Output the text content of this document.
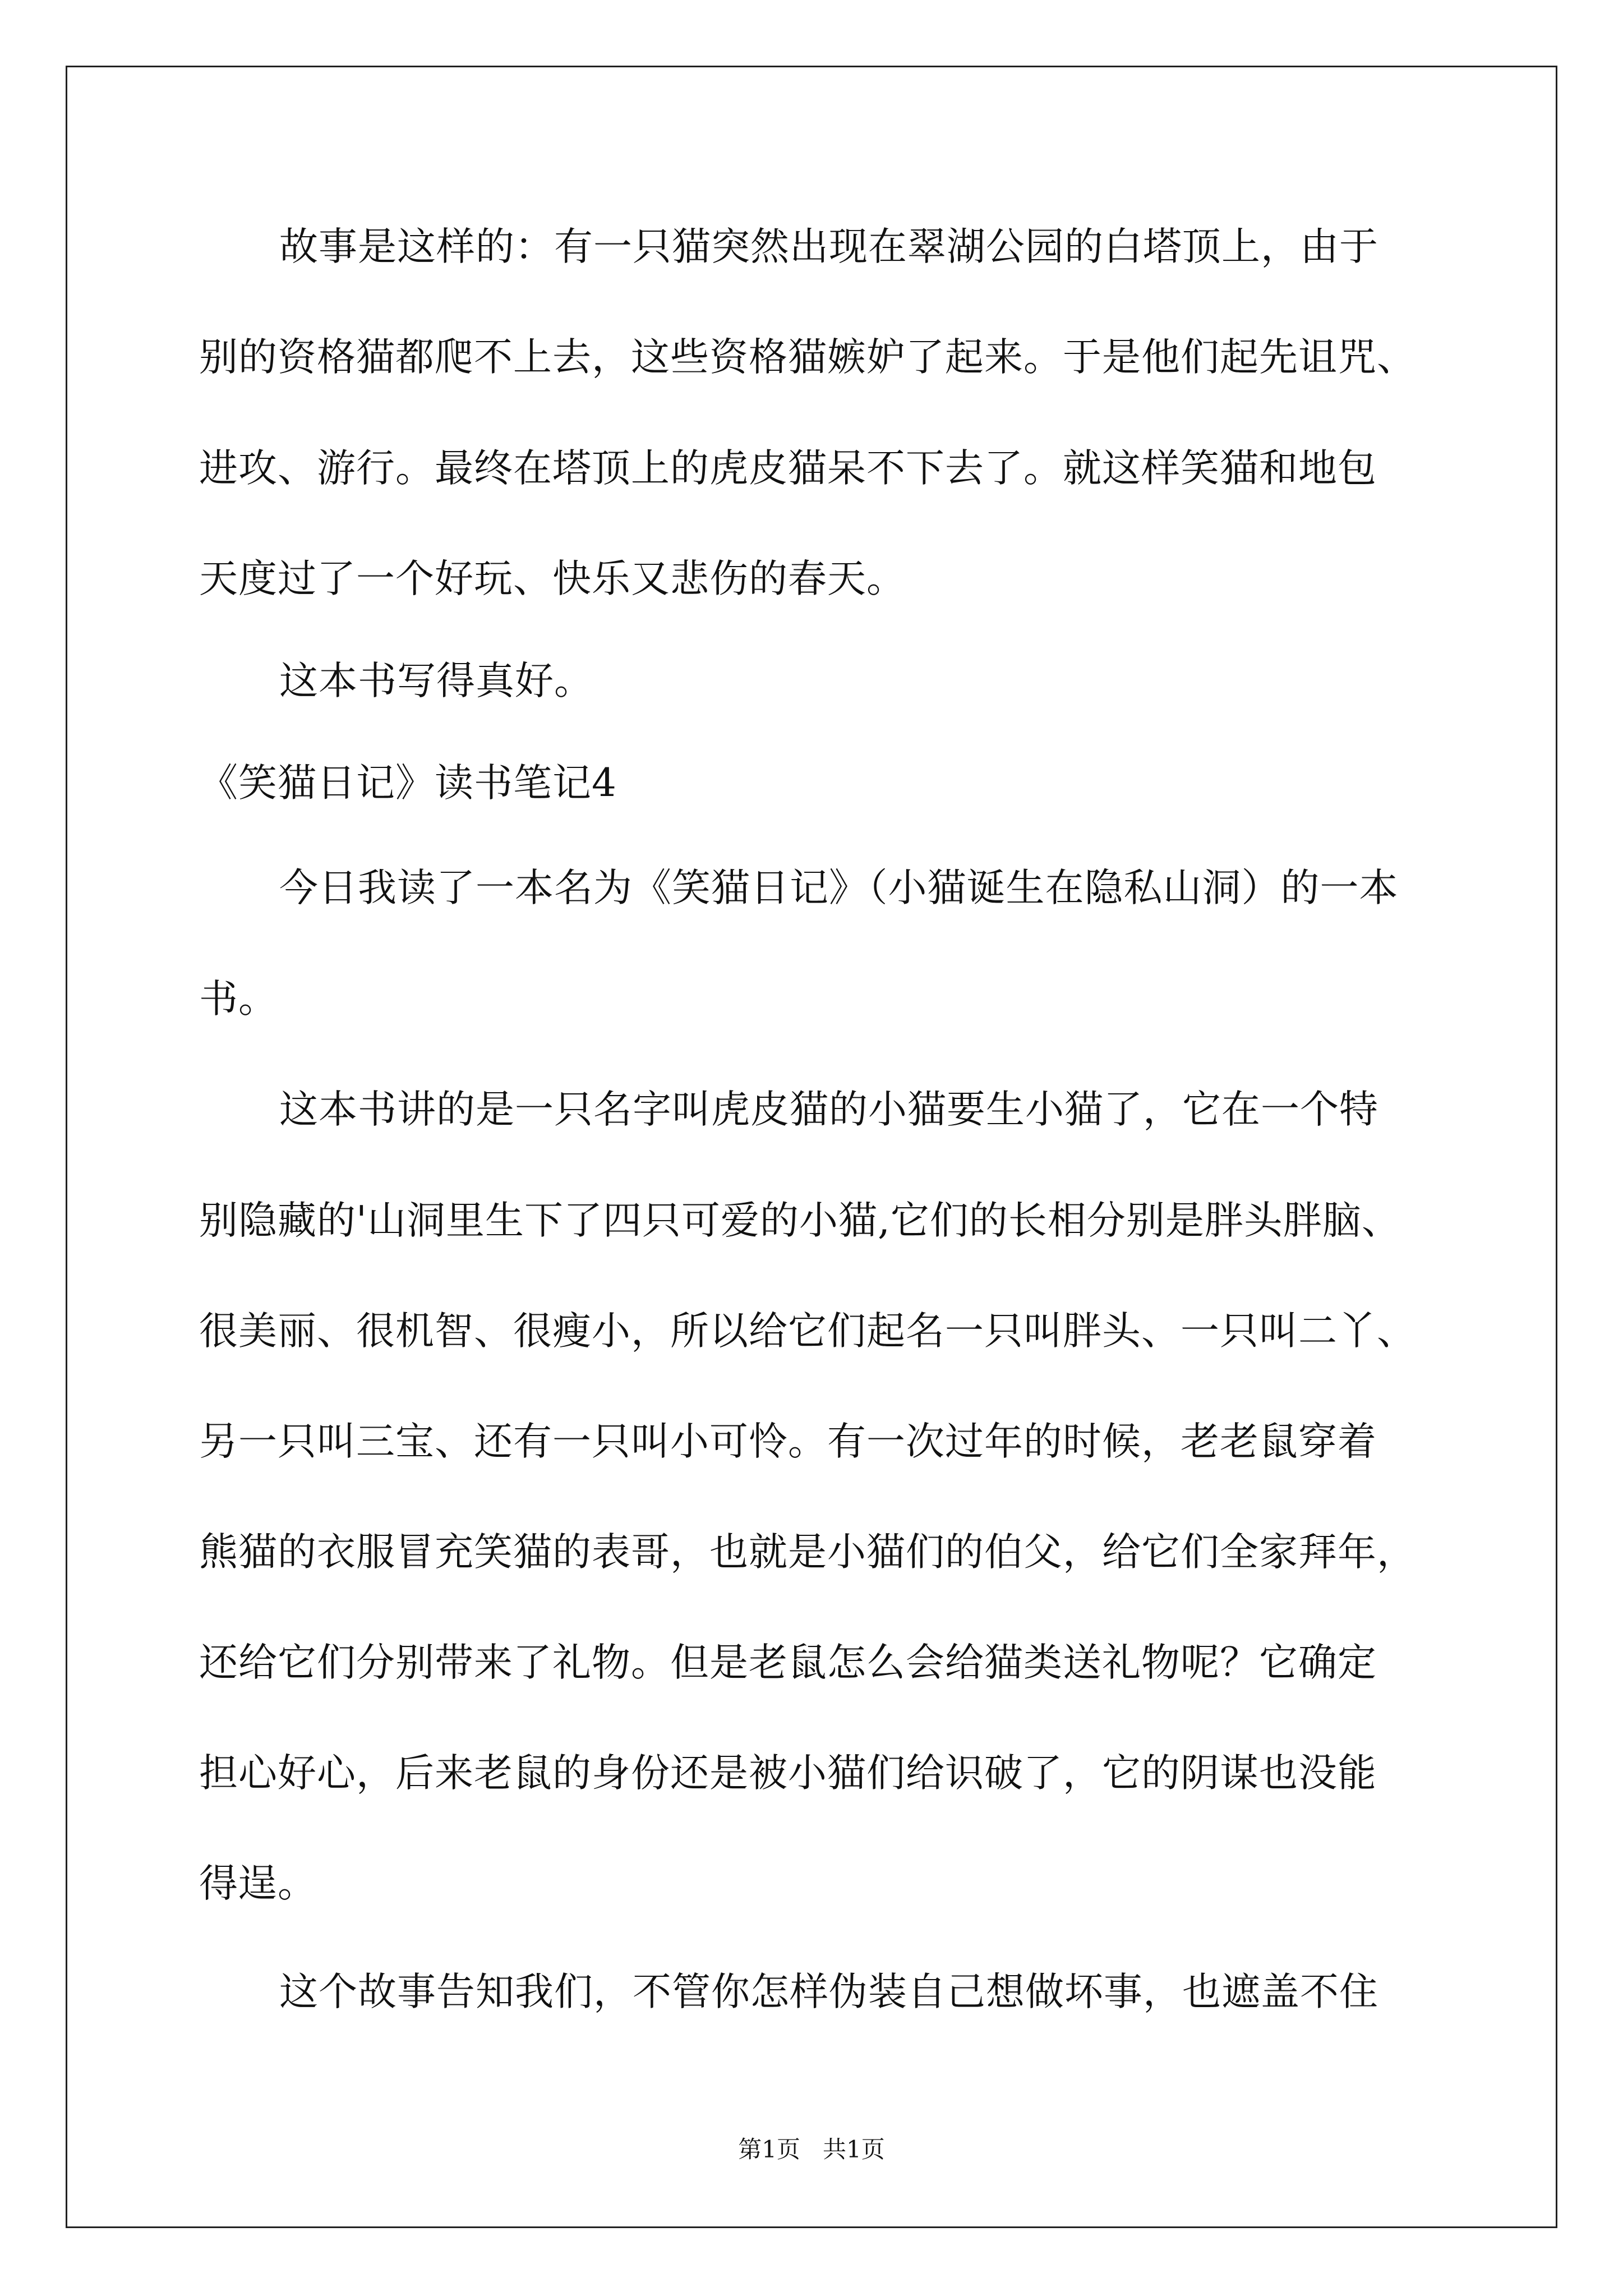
故事是这样的：有一只猫突然出现在翠湖公园的白塔顶上，由于
别的资格猫都爬不上去，这些资格猫嫉妒了起来。于是他们起先诅咒、
进攻、游行。最终在塔顶上的虎皮猫呆不下去了。就这样笑猫和地包
天度过了一个好玩、快乐又悲伤的春天。
这本书写得真好。
《笑猫日记》读书笔记4
今日我读了一本名为《笑猫日记》（小猫诞生在隐私山洞）的一本
书。
这本书讲的是一只名字叫虎皮猫的小猫要生小猫了，它在一个特
别隐藏的'山洞里生下了四只可爱的小猫,它们的长相分别是胖头胖脑、
很美丽、很机智、很瘦小，所以给它们起名一只叫胖头、一只叫二丫、
另一只叫三宝、还有一只叫小可怜。有一次过年的时候，老老鼠穿着
熊猫的衣服冒充笑猫的表哥，也就是小猫们的伯父，给它们全家拜年，
还给它们分别带来了礼物。但是老鼠怎么会给猫类送礼物呢？它确定
担心好心，后来老鼠的身份还是被小猫们给识破了，它的阴谋也没能
得逞。
这个故事告知我们，不管你怎样伪装自己想做坏事，也遮盖不住
第1页   共1页
